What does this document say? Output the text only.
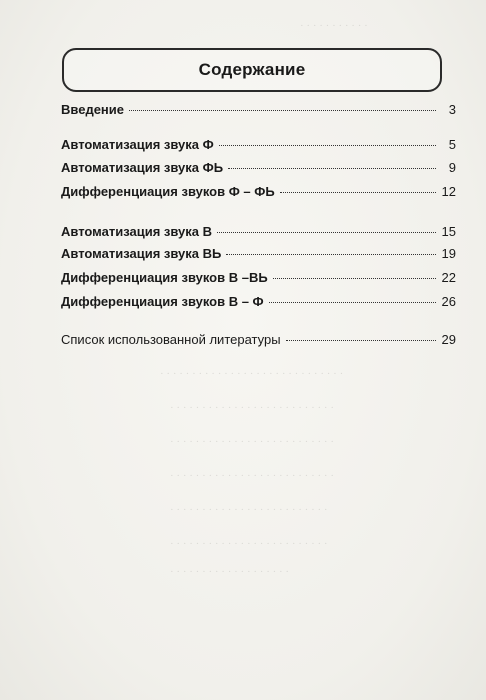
· · · · · · · · · · ·
· · · · · · · · · · · · · · · · · · · · · · · · · · · · ·
· · · · · · · · · · · · · · · · · · · · · · · · · ·
· · · · · · · · · · · · · · · · · · · · · · · · · ·
· · · · · · · · · · · · · · · · · · · · · · · · · ·
· · · · · · · · · · · · · · · · · · · · · · · · ·
· · · · · · · · · · · · · · · · · · · · · · · · ·
· · · · · · · · · · · · · · · · · · ·
Содержание
Введение	3
Автоматизация звука Ф	5
Автоматизация звука ФЬ	9
Дифференциация звуков Ф – ФЬ	12
Автоматизация звука В	15
Автоматизация звука ВЬ	19
Дифференциация звуков В –ВЬ	22
Дифференциация звуков В – Ф	26
Список использованной литературы	29
